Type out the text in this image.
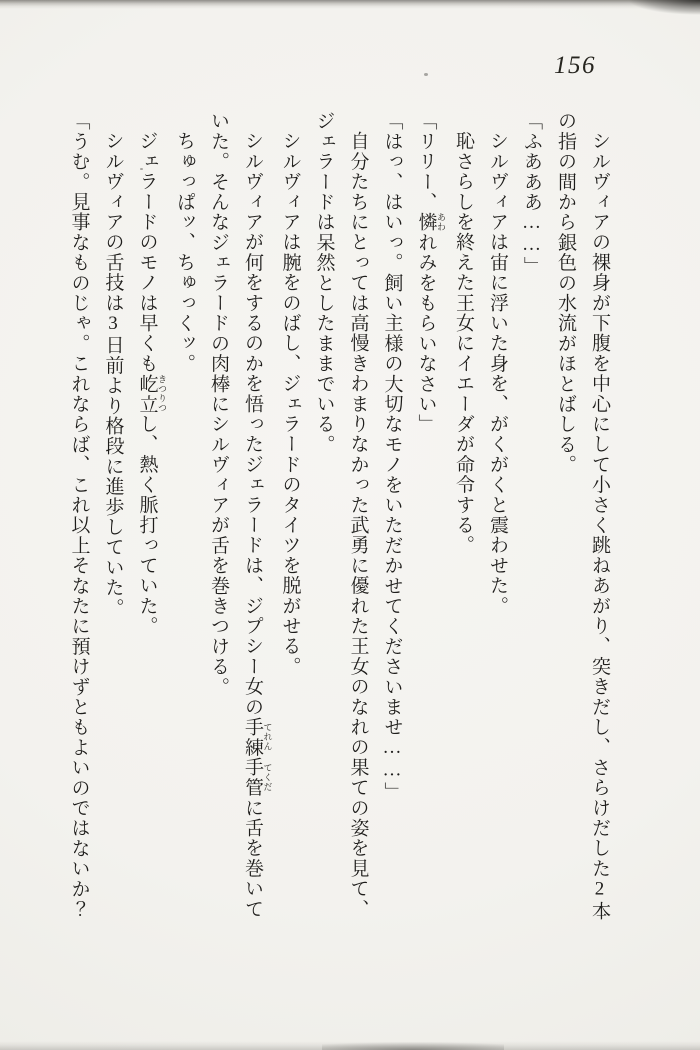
156

シルヴィアの裸身が下腹を中心にして小さく跳ねあがり、突きだし、さらけだした2本の指の間から銀色の水流がほとばしる。

「ふあああ……」

シルヴィアは宙に浮いた身を、がくがくと震わせた。

恥さらしを終えた王女にイエーダが命令する。

「リリー、憐 あわれみをもらいなさい」

「はっ、はいっ。飼い主様の大切なモノをいただかせてくださいませ……」

自分たちにとっては高慢きわまりなかった武勇に優れた王女のなれの果ての姿を見て、ジェラードは呆然としたままでいる。

シルヴィアは腕をのばし、ジェラードのタイツを脱がせる。

シルヴィアが何をするのかを悟ったジェラードは、ジプシー女の手練 てれん手管 てくだに舌を巻いていた。そんなジェラードの肉棒にシルヴィアが舌を巻きつける。

ちゅっぱッ、ちゅっくッ。

ジェラードのモノは早くも屹立 きつりつし、熱く脈打っていた。

シルヴィアの舌技は3日前より格段に進歩していた。

「うむ。見事なものじゃ。これならば、これ以上そなたに預けずともよいのではないか？
